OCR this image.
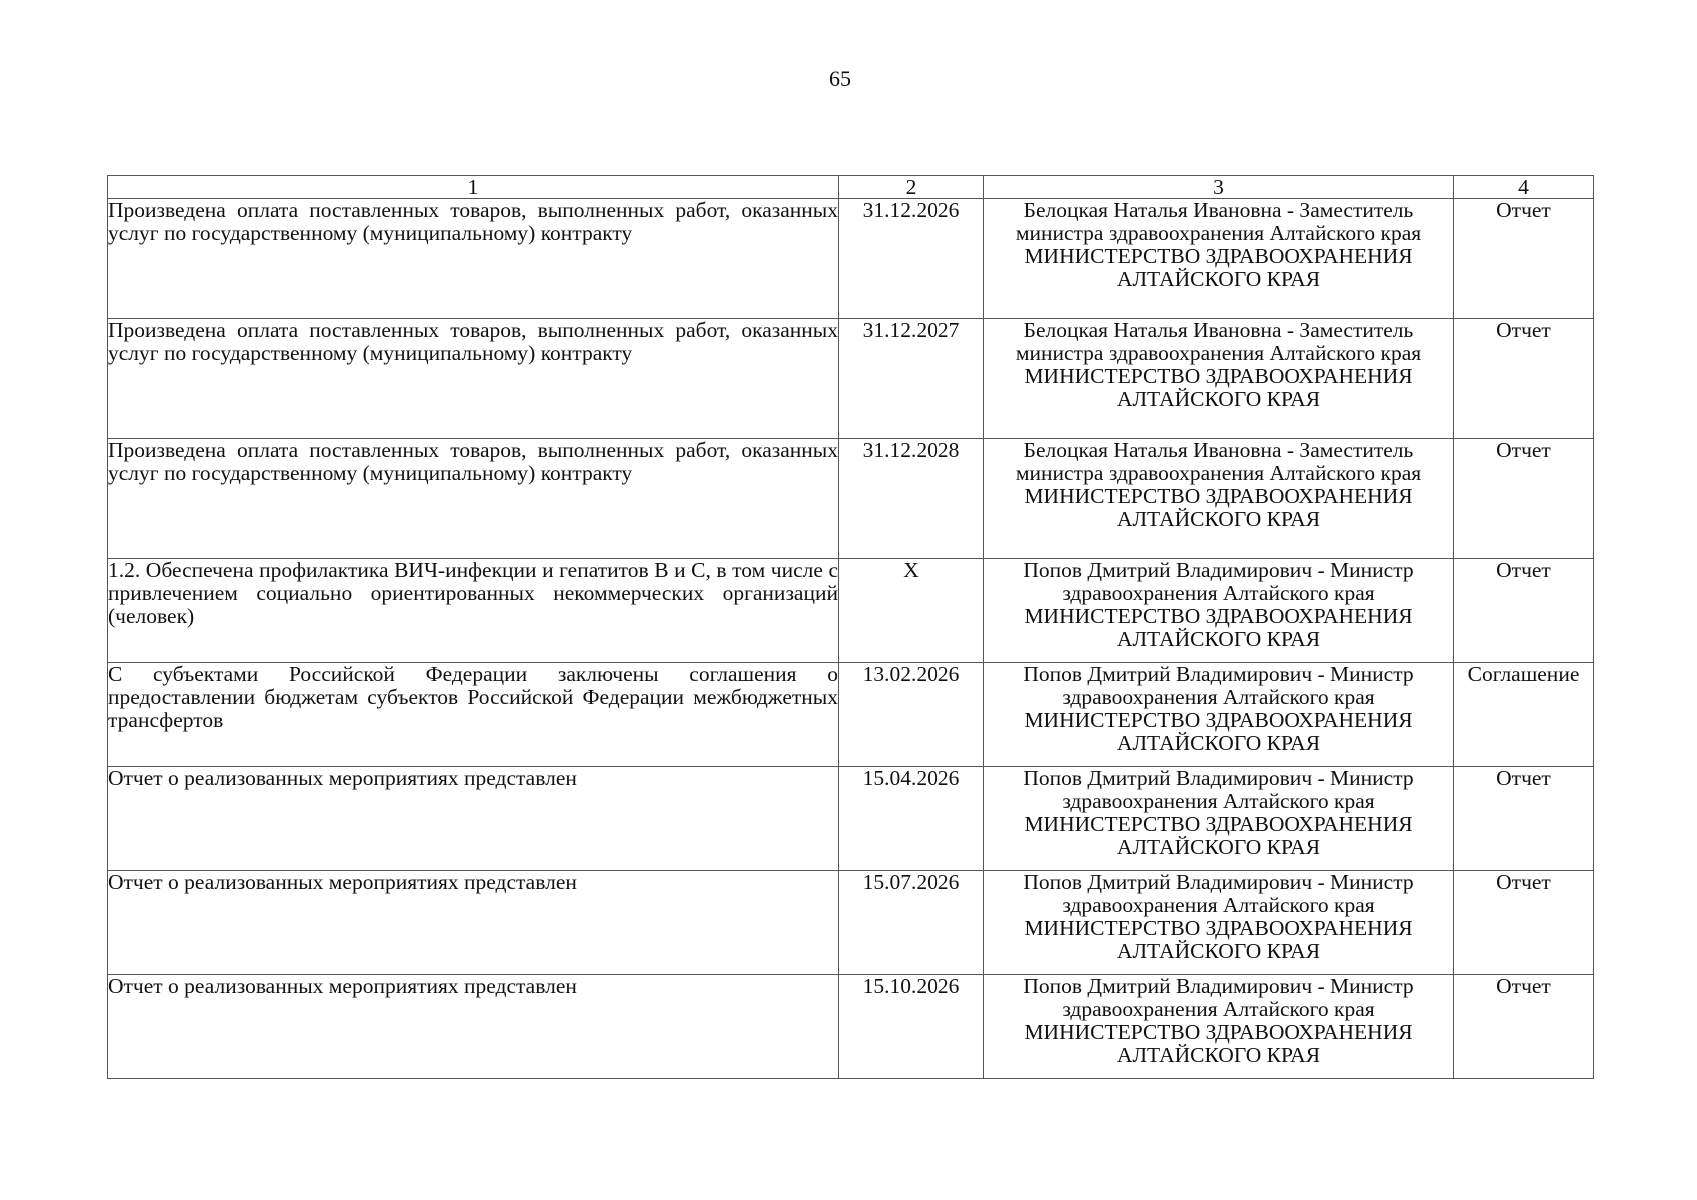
65
1	2	3	4
Произведена оплата поставленных товаров, выполненных работ, оказанных услуг по государственному (муниципальному) контракту	31.12.2026	Белоцкая Наталья Ивановна - Заместитель министра здравоохранения Алтайского края
МИНИСТЕРСТВО ЗДРАВООХРАНЕНИЯ АЛТАЙСКОГО КРАЯ	Отчет
Произведена оплата поставленных товаров, выполненных работ, оказанных услуг по государственному (муниципальному) контракту	31.12.2027	Белоцкая Наталья Ивановна - Заместитель министра здравоохранения Алтайского края
МИНИСТЕРСТВО ЗДРАВООХРАНЕНИЯ АЛТАЙСКОГО КРАЯ	Отчет
Произведена оплата поставленных товаров, выполненных работ, оказанных услуг по государственному (муниципальному) контракту	31.12.2028	Белоцкая Наталья Ивановна - Заместитель министра здравоохранения Алтайского края
МИНИСТЕРСТВО ЗДРАВООХРАНЕНИЯ АЛТАЙСКОГО КРАЯ	Отчет
1.2. Обеспечена профилактика ВИЧ-инфекции и гепатитов В и С, в том числе с привлечением социально ориентированных некоммерческих организаций (человек)	X	Попов Дмитрий Владимирович - Министр здравоохранения Алтайского края
МИНИСТЕРСТВО ЗДРАВООХРАНЕНИЯ АЛТАЙСКОГО КРАЯ	Отчет
С субъектами Российской Федерации заключены соглашения о предоставлении бюджетам субъектов Российской Федерации межбюджетных трансфертов	13.02.2026	Попов Дмитрий Владимирович - Министр здравоохранения Алтайского края
МИНИСТЕРСТВО ЗДРАВООХРАНЕНИЯ АЛТАЙСКОГО КРАЯ	Соглашение
Отчет о реализованных мероприятиях представлен	15.04.2026	Попов Дмитрий Владимирович - Министр здравоохранения Алтайского края
МИНИСТЕРСТВО ЗДРАВООХРАНЕНИЯ АЛТАЙСКОГО КРАЯ	Отчет
Отчет о реализованных мероприятиях представлен	15.07.2026	Попов Дмитрий Владимирович - Министр здравоохранения Алтайского края
МИНИСТЕРСТВО ЗДРАВООХРАНЕНИЯ АЛТАЙСКОГО КРАЯ	Отчет
Отчет о реализованных мероприятиях представлен	15.10.2026	Попов Дмитрий Владимирович - Министр здравоохранения Алтайского края
МИНИСТЕРСТВО ЗДРАВООХРАНЕНИЯ АЛТАЙСКОГО КРАЯ	Отчет
